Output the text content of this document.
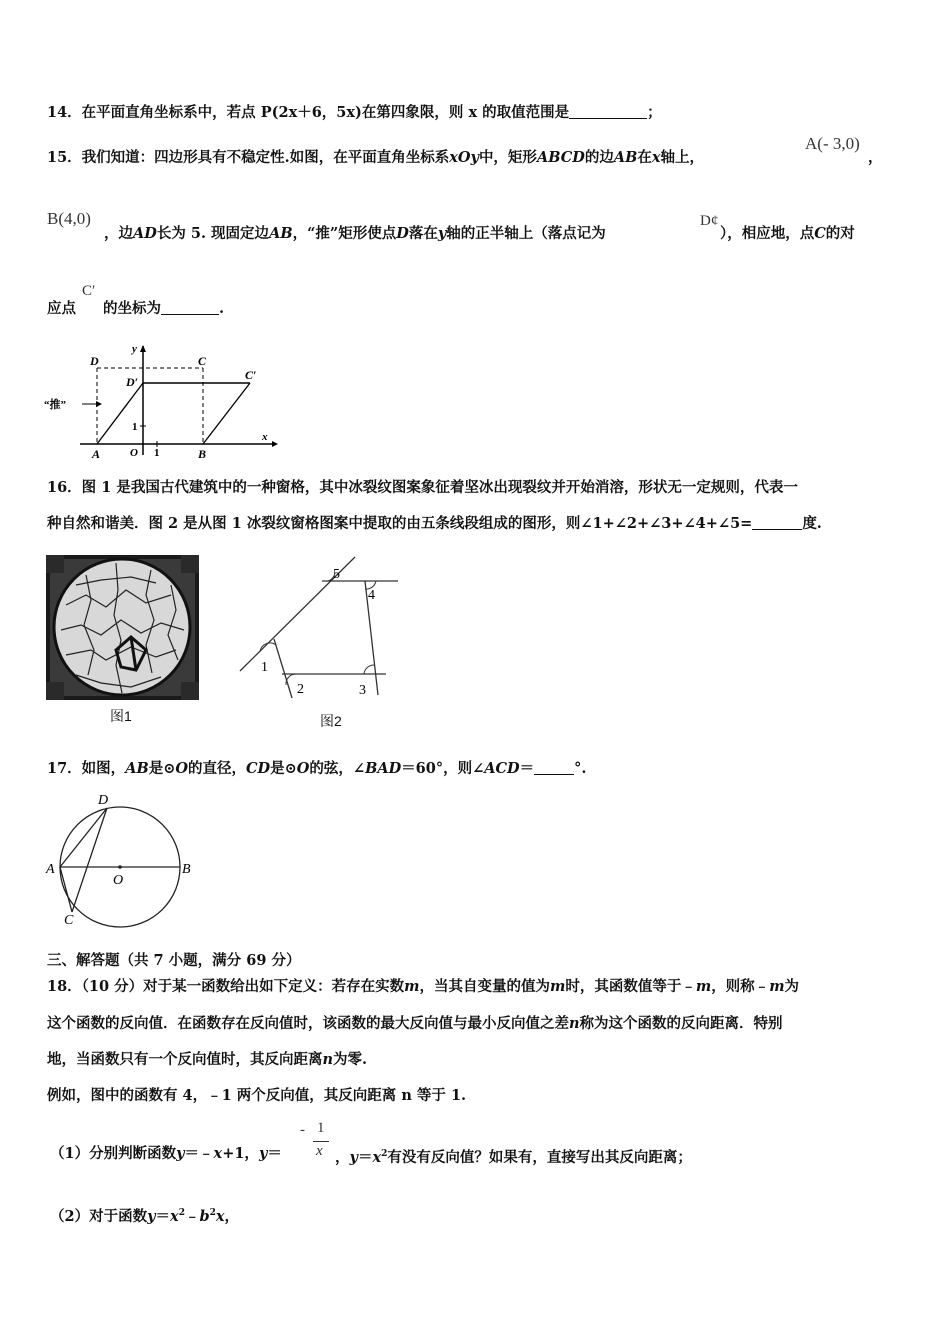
14．在平面直角坐标系中，若点 P(2x＋6，5x)在第四象限，则 x 的取值范围是	；
15．我们知道：四边形具有不稳定性.如图，在平面直角坐标系xOy中，矩形ABCD的边AB在x轴上，
A(- 3,0)
，
B(4,0)
，边AD长为 5. 现固定边AB，“推”矩形使点D落在y轴的正半轴上（落点记为
D¢
），相应地，点C的对
应点
C′
的坐标为	.
D	C
D′	C′
y
x
“推”
1
1
A	O	B
16．图 1 是我国古代建筑中的一种窗格，其中冰裂纹图案象征着坚冰出现裂纹并开始消溶，形状无一定规则，代表一
种自然和谐美．图 2 是从图 1 冰裂纹窗格图案中提取的由五条线段组成的图形，则∠1+∠2+∠3+∠4+∠5=	度.
图1
1
2	3
4
5
图2
17．如图，AB是⊙O的直径，CD是⊙O的弦，∠BAD＝60°，则∠ACD＝	°.
D
A	B
O
C
三、解答题（共 7 小题，满分 69 分）
18．（10 分）对于某一函数给出如下定义：若存在实数m，当其自变量的值为m时，其函数值等于﹣m，则称﹣m为
这个函数的反向值．在函数存在反向值时，该函数的最大反向值与最小反向值之差n称为这个函数的反向距离．特别
地，当函数只有一个反向值时，其反向距离n为零.
例如，图中的函数有 4，﹣1 两个反向值，其反向距离 n 等于 1.
（1）分别判断函数y＝﹣x+1，y＝
- 1
x ，$y=x^2$有没有反向值？如果有，直接写出其反向距离；
（2）对于函数$y=x^2﹣b^2x$，
